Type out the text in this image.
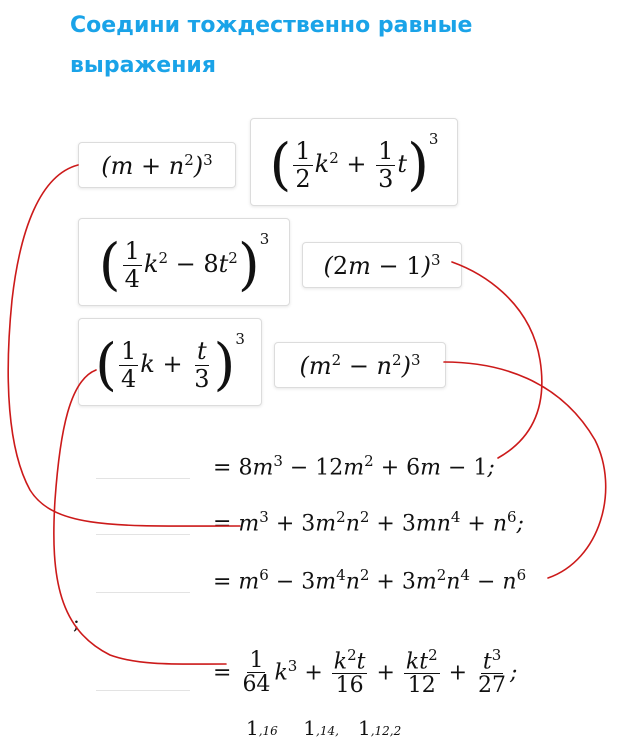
Соедини тождественно равные выражения
$(m + n^2)^3$ ( $\frac{1}{2} k^2 + \frac{1}{3} t)^3$
( $\frac{1}{4} k^2 - 8t^2)^3$
$(2m - 1)^3$
( $\frac{1}{4}$ $k + \frac{t}{3} )^3$
$(m^2 - n^2)^3$
= $8m^3 - 12m^2 + 6m - 1$;
= $m^3 + 3m^2n^2 + 3mn^4 + n^6$;
= $m^6 - 3m^4n^2 + 3m^2n^4 - n^6$
;
= $\frac{1}{64} k^3 + \frac{k^2t}{16} + \frac{kt^2}{12} + \frac{t^3}{27}$ ;
1,16 1,14, 1,12,2
